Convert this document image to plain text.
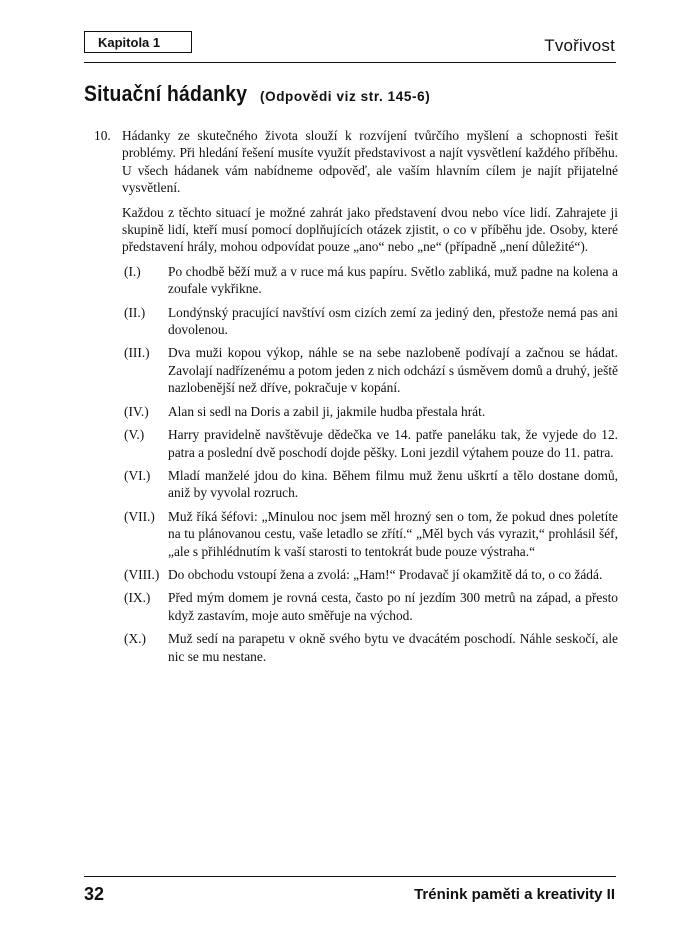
Kapitola 1	Tvořivost
Situační hádanky (Odpovědi viz str. 145-6)
10. Hádanky ze skutečného života slouží k rozvíjení tvůrčího myšlení a schopnosti řešit problémy. Při hledání řešení musíte využít představivost a najít vysvětlení každého příběhu. U všech hádanek vám nabídneme odpověď, ale vaším hlavním cílem je najít přijatelné vysvětlení.

Každou z těchto situací je možné zahrát jako představení dvou nebo více lidí. Zahrajete ji skupině lidí, kteří musí pomocí doplňujících otázek zjistit, o co v příběhu jde. Osoby, které představení hrály, mohou odpovídat pouze „ano“ nebo „ne“ (případně „není důležité“).

(I.)	Po chodbě běží muž a v ruce má kus papíru. Světlo zabliká, muž padne na kolena a zoufale vykřikne.
(II.)	Londýnský pracující navštíví osm cizích zemí za jediný den, přestože nemá pas ani dovolenou.
(III.)	Dva muži kopou výkop, náhle se na sebe nazlobeně podívají a začnou se hádat. Zavolají nadřízenému a potom jeden z nich odchází s úsměvem domů a druhý, ještě nazlobenější než dříve, pokračuje v kopání.
(IV.)	Alan si sedl na Doris a zabil ji, jakmile hudba přestala hrát.
(V.)	Harry pravidelně navštěvuje dědečka ve 14. patře paneláku tak, že vyjede do 12. patra a poslední dvě poschodí dojde pěšky. Loni jezdil výtahem pouze do 11. patra.
(VI.)	Mladí manželé jdou do kina. Během filmu muž ženu uškrtí a tělo dostane domů, aniž by vyvolal rozruch.
(VII.) Muž říká šéfovi: „Minulou noc jsem měl hrozný sen o tom, že pokud dnes poletíte na tu plánovanou cestu, vaše letadlo se zřítí.“ „Měl bych vás vyrazit,“ prohlásil šéf, „ale s přihlédnutím k vaší starosti to tentokrát bude pouze výstraha.“
(VIII.) Do obchodu vstoupí žena a zvolá: „Ham!“ Prodavač jí okamžitě dá to, o co žádá.
(IX.)	Před mým domem je rovná cesta, často po ní jezdím 300 metrů na západ, a přesto když zastavím, moje auto směřuje na východ.
(X.)	Muž sedí na parapetu v okně svého bytu ve dvacátém poschodí. Náhle seskočí, ale nic se mu nestane.
32	Trénink paměti a kreativity II
